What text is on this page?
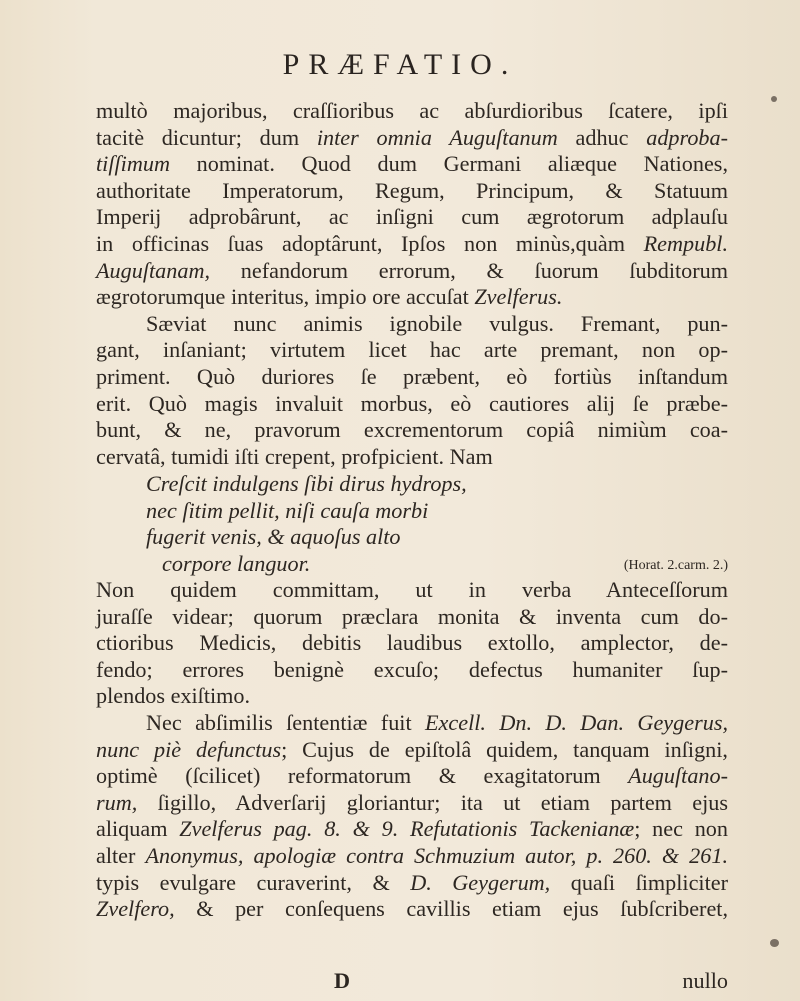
PRÆFATIO.
multò majoribus, craſſioribus ac abſurdioribus ſcatere, ipſi
tacitè dicuntur; dum inter omnia Auguſtanum adhuc adproba-
tiſſimum nominat. Quod dum Germani aliæque Nationes,
authoritate Imperatorum, Regum, Principum, & Statuum
Imperij adprobârunt, ac inſigni cum ægrotorum adplauſu
in officinas ſuas adoptârunt, Ipſos non minùs,quàm Rempubl.
Auguſtanam, nefandorum errorum, & ſuorum ſubditorum
ægrotorumque interitus, impio ore accuſat Zvelferus.
Sæviat nunc animis ignobile vulgus. Fremant, pun-
gant, inſaniant; virtutem licet hac arte premant, non op-
priment. Quò duriores ſe præbent, eò fortiùs inſtandum
erit. Quò magis invaluit morbus, eò cautiores alij ſe præbe-
bunt, & ne, pravorum excrementorum copiâ nimiùm coa-
cervatâ, tumidi iſti crepent, profpicient. Nam
Creſcit indulgens ſibi dirus hydrops,
nec ſitim pellit, niſi cauſa morbi
fugerit venis, & aquoſus alto
corpore languor.	(Horat. 2.carm. 2.)
Non quidem committam, ut in verba Anteceſſorum
juraſſe videar; quorum præclara monita & inventa cum do-
ctioribus Medicis, debitis laudibus extollo, amplector, de-
fendo; errores benignè excuſo; defectus humaniter ſup-
plendos exiſtimo.
Nec abſimilis ſententiæ fuit Excell. Dn. D. Dan. Geygerus,
nunc piè defunctus; Cujus de epiſtolâ quidem, tanquam inſigni,
optimè (ſcilicet) reformatorum & exagitatorum Auguſtano-
rum, ſigillo, Adverſarij gloriantur; ita ut etiam partem ejus
aliquam Zvelferus pag. 8. & 9. Refutationis Tackenianæ; nec non
alter Anonymus, apologiæ contra Schmuzium autor, p. 260. & 261.
typis evulgare curaverint, & D. Geygerum, quaſi ſimpliciter
Zvelfero, & per conſequens cavillis etiam ejus ſubſcriberet,
D	nullo
